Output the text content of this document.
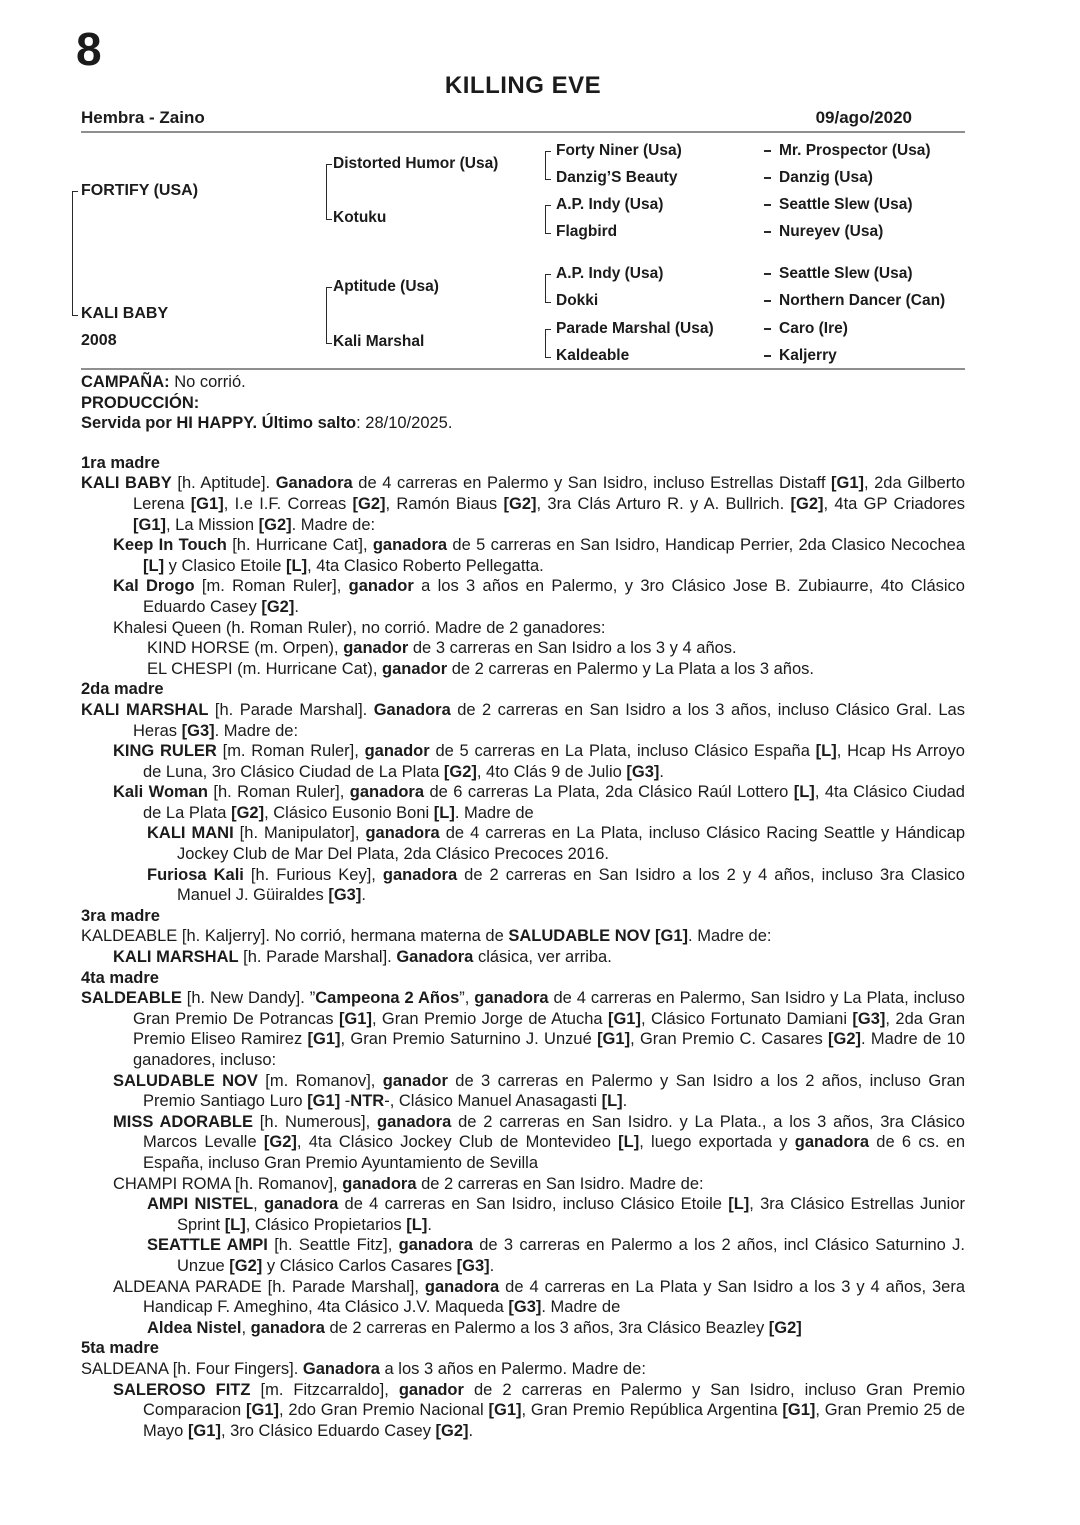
8
KILLING EVE
Hembra - Zaino	09/ago/2020
FORTIFY (USA)
KALI BABY
2008
Distorted Humor (Usa)
Kotuku
Aptitude (Usa)
Kali Marshal
Forty Niner (Usa)
Danzig’S Beauty
A.P. Indy (Usa)
Flagbird
A.P. Indy (Usa)
Dokki
Parade Marshal (Usa)
Kaldeable
Mr. Prospector (Usa)
Danzig (Usa)
Seattle Slew (Usa)
Nureyev (Usa)
Seattle Slew (Usa)
Northern Dancer (Can)
Caro (Ire)
Kaljerry

CAMPAÑA: No corrió.

PRODUCCIÓN:

Servida por HI HAPPY. Último salto: 28/10/2025.

1ra madre

KALI BABY [h. Aptitude]. Ganadora de 4 carreras en Palermo y San Isidro, incluso Estrellas Distaff [G1], 2da Gilberto Lerena [G1], I.e I.F. Correas [G2], Ramón Biaus [G2], 3ra Clás Arturo R. y A. Bullrich. [G2], 4ta GP Criadores [G1], La Mission [G2]. Madre de:

Keep In Touch [h. Hurricane Cat], ganadora de 5 carreras en San Isidro, Handicap Perrier, 2da Clasico Necochea [L] y Clasico Etoile [L], 4ta Clasico Roberto Pellegatta.

Kal Drogo [m. Roman Ruler], ganador a los 3 años en Palermo, y 3ro Clásico Jose B. Zubiaurre, 4to Clásico Eduardo Casey [G2].

Khalesi Queen (h. Roman Ruler), no corrió. Madre de 2 ganadores:

KIND HORSE (m. Orpen), ganador de 3 carreras en San Isidro a los 3 y 4 años.

EL CHESPI (m. Hurricane Cat), ganador de 2 carreras en Palermo y La Plata a los 3 años.

2da madre

KALI MARSHAL [h. Parade Marshal]. Ganadora de 2 carreras en San Isidro a los 3 años, incluso Clásico Gral. Las Heras [G3]. Madre de:

KING RULER [m. Roman Ruler], ganador de 5 carreras en La Plata, incluso Clásico España [L], Hcap Hs Arroyo de Luna, 3ro Clásico Ciudad de La Plata [G2], 4to Clás 9 de Julio [G3].

Kali Woman [h. Roman Ruler], ganadora de 6 carreras La Plata, 2da Clásico Raúl Lottero [L], 4ta Clásico Ciudad de La Plata [G2], Clásico Eusonio Boni [L]. Madre de

KALI MANI [h. Manipulator], ganadora de 4 carreras en La Plata, incluso Clásico Racing Seattle y Hándicap Jockey Club de Mar Del Plata, 2da Clásico Precoces 2016.

Furiosa Kali [h. Furious Key], ganadora de 2 carreras en San Isidro a los 2 y 4 años, incluso 3ra Clasico Manuel J. Güiraldes [G3].

3ra madre

KALDEABLE [h. Kaljerry]. No corrió, hermana materna de SALUDABLE NOV [G1]. Madre de:

KALI MARSHAL [h. Parade Marshal]. Ganadora clásica, ver arriba.

4ta madre

SALDEABLE [h. New Dandy]. ”Campeona 2 Años”, ganadora de 4 carreras en Palermo, San Isidro y La Plata, incluso Gran Premio De Potrancas [G1], Gran Premio Jorge de Atucha [G1], Clásico Fortunato Damiani [G3], 2da Gran Premio Eliseo Ramirez [G1], Gran Premio Saturnino J. Unzué [G1], Gran Premio C. Casares [G2]. Madre de 10 ganadores, incluso:

SALUDABLE NOV [m. Romanov], ganador de 3 carreras en Palermo y San Isidro a los 2 años, incluso Gran Premio Santiago Luro [G1] -NTR-, Clásico Manuel Anasagasti [L].

MISS ADORABLE [h. Numerous], ganadora de 2 carreras en San Isidro. y La Plata., a los 3 años, 3ra Clásico Marcos Levalle [G2], 4ta Clásico Jockey Club de Montevideo [L], luego exportada y ganadora de 6 cs. en España, incluso Gran Premio Ayuntamiento de Sevilla

CHAMPI ROMA [h. Romanov], ganadora de 2 carreras en San Isidro. Madre de:

AMPI NISTEL, ganadora de 4 carreras en San Isidro, incluso Clásico Etoile [L], 3ra Clásico Estrellas Junior Sprint [L], Clásico Propietarios [L].

SEATTLE AMPI [h. Seattle Fitz], ganadora de 3 carreras en Palermo a los 2 años, incl Clásico Saturnino J. Unzue [G2] y Clásico Carlos Casares [G3].

ALDEANA PARADE [h. Parade Marshal], ganadora de 4 carreras en La Plata y San Isidro a los 3 y 4 años, 3era Handicap F. Ameghino, 4ta Clásico J.V. Maqueda [G3]. Madre de

Aldea Nistel, ganadora de 2 carreras en Palermo a los 3 años, 3ra Clásico Beazley [G2]

5ta madre

SALDEANA [h. Four Fingers]. Ganadora a los 3 años en Palermo. Madre de:

SALEROSO FITZ [m. Fitzcarraldo], ganador de 2 carreras en Palermo y San Isidro, incluso Gran Premio Comparacion [G1], 2do Gran Premio Nacional [G1], Gran Premio República Argentina [G1], Gran Premio 25 de Mayo [G1], 3ro Clásico Eduardo Casey [G2].
